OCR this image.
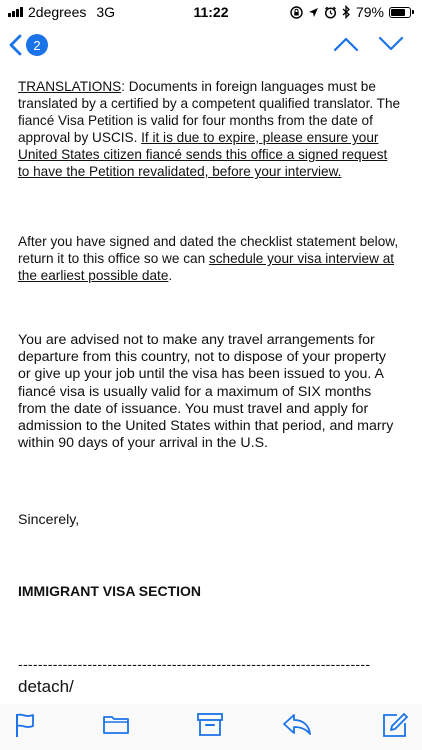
2degrees 3G	11:22	79%
2

TRANSLATIONS: Documents in foreign languages must be translated by a certified by a competent qualified translator. The fiancé Visa Petition is valid for four months from the date of approval by USCIS. If it is due to expire, please ensure your United States citizen fiancé sends this office a signed request to have the Petition revalidated, before your interview.

After you have signed and dated the checklist statement below, return it to this office so we can schedule your visa interview at the earliest possible date.

You are advised not to make any travel arrangements for departure from this country, not to dispose of your property or give up your job until the visa has been issued to you. A fiancé visa is usually valid for a maximum of SIX months from the date of issuance. You must travel and apply for admission to the United States within that period, and marry within 90 days of your arrival in the U.S.

Sincerely,

IMMIGRANT VISA SECTION

-----------------------------------------------------------------------
detach/
